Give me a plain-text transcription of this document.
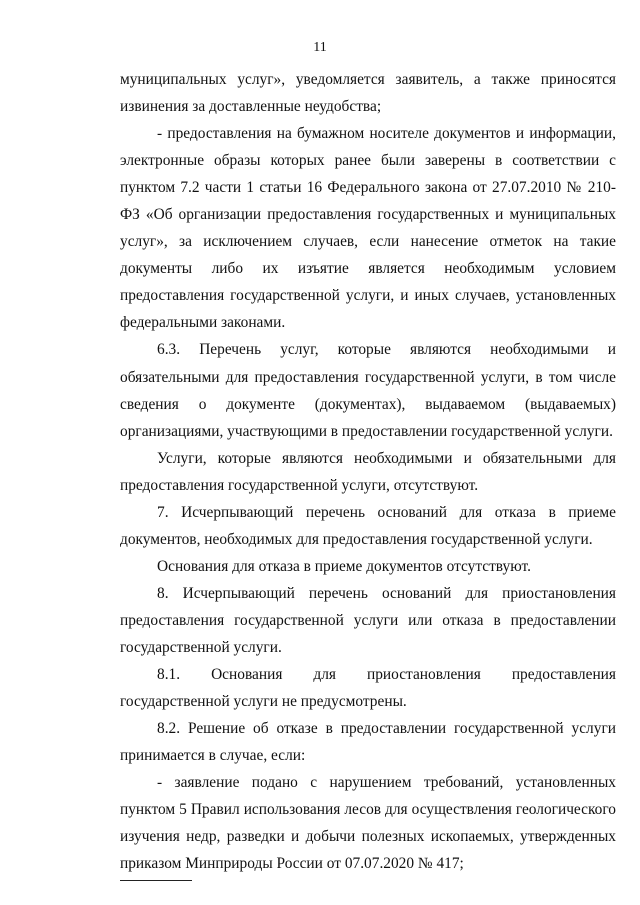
11

муниципальных услуг», уведомляется заявитель, а также приносятся извинения за доставленные неудобства;

- предоставления на бумажном носителе документов и информации, электронные образы которых ранее были заверены в соответствии с пунктом 7.2 части 1 статьи 16 Федерального закона от 27.07.2010 № 210-ФЗ «Об организации предоставления государственных и муниципальных услуг», за исключением случаев, если нанесение отметок на такие документы либо их изъятие является необходимым условием предоставления государственной услуги, и иных случаев, установленных федеральными законами.

6.3. Перечень услуг, которые являются необходимыми и обязательными для предоставления государственной услуги, в том числе сведения о документе (документах), выдаваемом (выдаваемых) организациями, участвующими в предоставлении государственной услуги.

Услуги, которые являются необходимыми и обязательными для предоставления государственной услуги, отсутствуют.

7. Исчерпывающий перечень оснований для отказа в приеме документов, необходимых для предоставления государственной услуги.

Основания для отказа в приеме документов отсутствуют.

8. Исчерпывающий перечень оснований для приостановления предоставления государственной услуги или отказа в предоставлении государственной услуги.

8.1. Основания для приостановления предоставления государственной услуги не предусмотрены.

8.2. Решение об отказе в предоставлении государственной услуги принимается в случае, если:

- заявление подано с нарушением требований, установленных пунктом 5 Правил использования лесов для осуществления геологического изучения недр, разведки и добычи полезных ископаемых, утвержденных приказом Минприроды России от 07.07.2020 № 417;
